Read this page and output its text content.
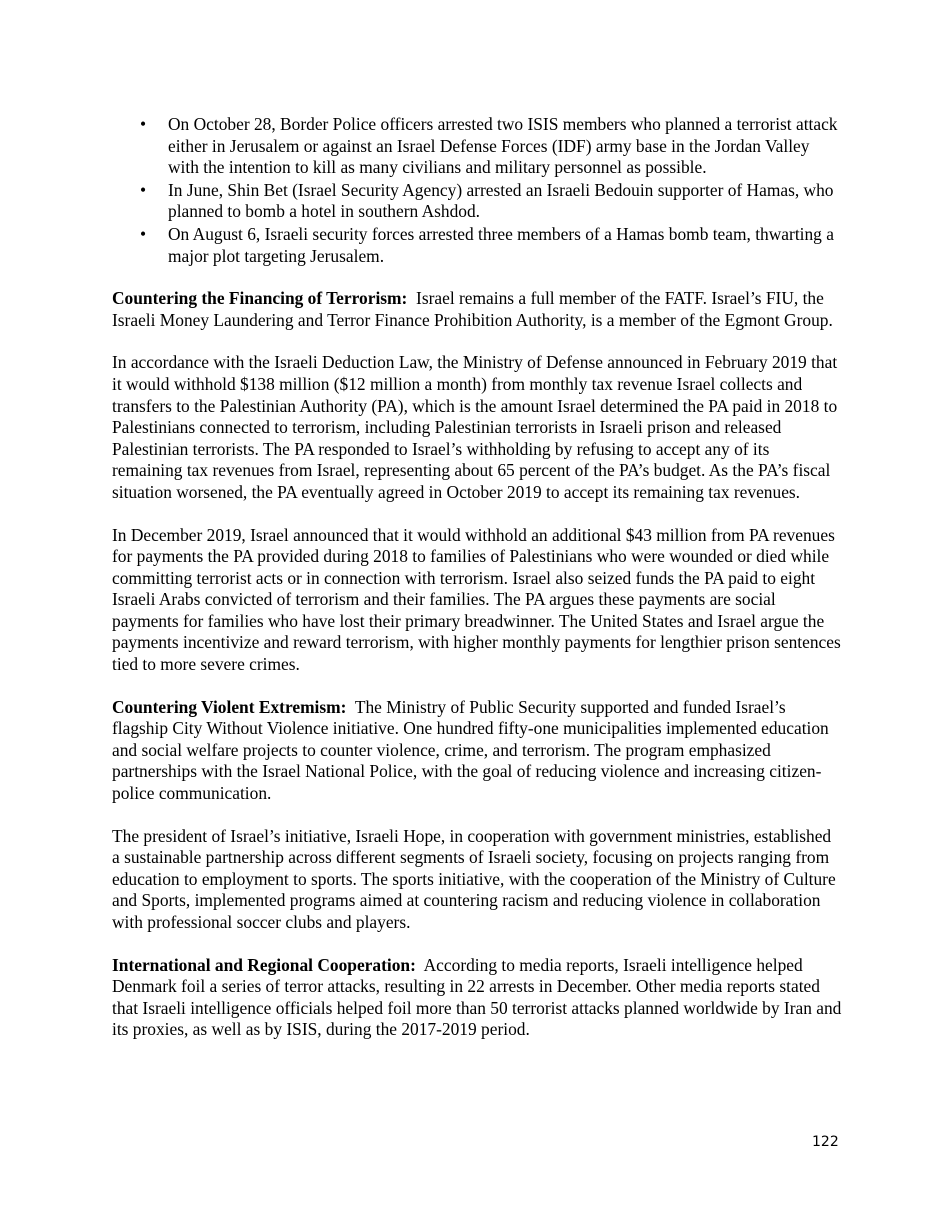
• On October 28, Border Police officers arrested two ISIS members who planned a terrorist attack either in Jerusalem or against an Israel Defense Forces (IDF) army base in the Jordan Valley with the intention to kill as many civilians and military personnel as possible.
• In June, Shin Bet (Israel Security Agency) arrested an Israeli Bedouin supporter of Hamas, who planned to bomb a hotel in southern Ashdod.
• On August 6, Israeli security forces arrested three members of a Hamas bomb team, thwarting a major plot targeting Jerusalem.

Countering the Financing of Terrorism: Israel remains a full member of the FATF. Israel’s FIU, the Israeli Money Laundering and Terror Finance Prohibition Authority, is a member of the Egmont Group.

In accordance with the Israeli Deduction Law, the Ministry of Defense announced in February 2019 that it would withhold $138 million ($12 million a month) from monthly tax revenue Israel collects and transfers to the Palestinian Authority (PA), which is the amount Israel determined the PA paid in 2018 to Palestinians connected to terrorism, including Palestinian terrorists in Israeli prison and released Palestinian terrorists. The PA responded to Israel’s withholding by refusing to accept any of its remaining tax revenues from Israel, representing about 65 percent of the PA’s budget. As the PA’s fiscal situation worsened, the PA eventually agreed in October 2019 to accept its remaining tax revenues.

In December 2019, Israel announced that it would withhold an additional $43 million from PA revenues for payments the PA provided during 2018 to families of Palestinians who were wounded or died while committing terrorist acts or in connection with terrorism. Israel also seized funds the PA paid to eight Israeli Arabs convicted of terrorism and their families. The PA argues these payments are social payments for families who have lost their primary breadwinner. The United States and Israel argue the payments incentivize and reward terrorism, with higher monthly payments for lengthier prison sentences tied to more severe crimes.

Countering Violent Extremism: The Ministry of Public Security supported and funded Israel’s flagship City Without Violence initiative. One hundred fifty-one municipalities implemented education and social welfare projects to counter violence, crime, and terrorism. The program emphasized partnerships with the Israel National Police, with the goal of reducing violence and increasing citizen-police communication.

The president of Israel’s initiative, Israeli Hope, in cooperation with government ministries, established a sustainable partnership across different segments of Israeli society, focusing on projects ranging from education to employment to sports. The sports initiative, with the cooperation of the Ministry of Culture and Sports, implemented programs aimed at countering racism and reducing violence in collaboration with professional soccer clubs and players.

International and Regional Cooperation: According to media reports, Israeli intelligence helped Denmark foil a series of terror attacks, resulting in 22 arrests in December. Other media reports stated that Israeli intelligence officials helped foil more than 50 terrorist attacks planned worldwide by Iran and its proxies, as well as by ISIS, during the 2017-2019 period.

122
